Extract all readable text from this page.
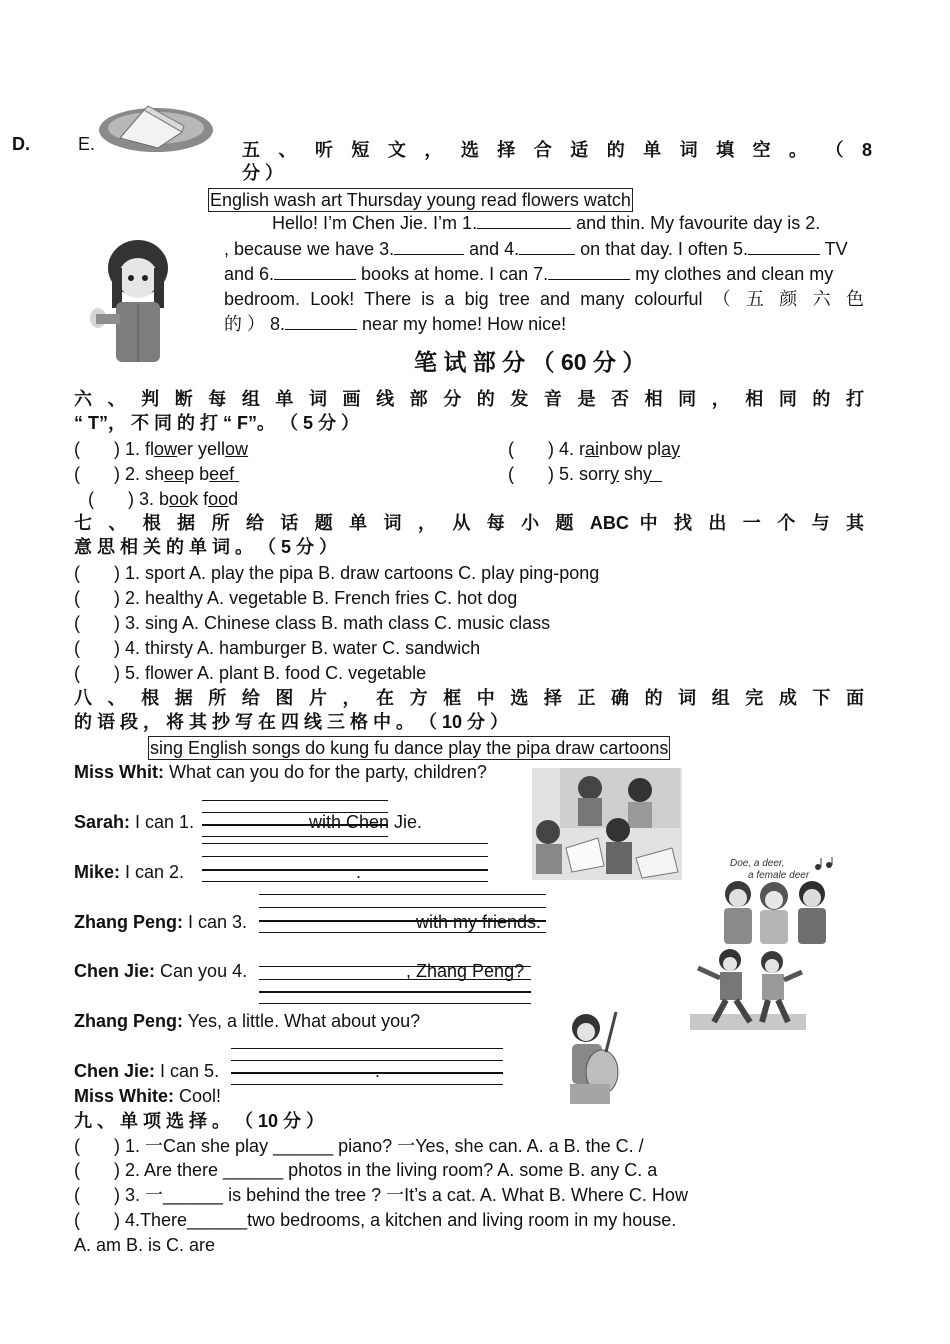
D.	E.	五 、 听 短 文 ， 选 择 合 适 的 单 词 填 空 。 （ 8
分 ）
English wash art Thursday young read flowers watch
Hello! I’m Chen Jie. I’m 1.	and thin. My favourite day is 2.
, because we have 3.	and 4.	on that day. I often 5.	TV
and 6.	books at home. I can 7.	my clothes and clean my
bedroom. Look! There is a big tree and many colourful （ 五 颜 六 色
的 ） 8.	near my home! How nice!
笔 试 部 分 （ 60 分 ）
六 、 判 断 每 组 单 词 画 线 部 分 的 发 音 是 否 相 同 ， 相 同 的 打
“ T”， 不 同 的 打 “ F”。 （ 5 分 ）
( ) 1. flower yellow
( ) 2. sheep beef
( ) 3. book food
( ) 4. rainbow play
( ) 5. sorry shy
七 、 根 据 所 给 话 题 单 词 ， 从 每 小 题 ABC 中 找 出 一 个 与 其
意 思 相 关 的 单 词 。 （ 5 分 ）
( ) 1. sport A. play the pipa B. draw cartoons C. play ping-pong
( ) 2. healthy A. vegetable B. French fries C. hot dog
( ) 3. sing A. Chinese class B. math class C. music class
( ) 4. thirsty A. hamburger B. water C. sandwich
( ) 5. flower A. plant B. food C. vegetable
八 、 根 据 所 给 图 片 ， 在 方 框 中 选 择 正 确 的 词 组 完 成 下 面
的 语 段 ， 将 其 抄 写 在 四 线 三 格 中 。 （ 10 分 ）
sing English songs do kung fu dance play the pipa draw cartoons
Miss Whit: What can you do for the party, children?
Sarah: I can 1.	with Chen Jie.
Mike: I can 2.	.
Zhang Peng: I can 3.	with my friends.
Chen Jie: Can you 4.	, Zhang Peng?
Zhang Peng: Yes, a little. What about you?
Chen Jie: I can 5.	.
Miss White: Cool!
Doe, a deer,
a female deer
九 、 单 项 选 择 。 （ 10 分 ）
( ) 1. 一Can she play ______ piano? 一Yes, she can. A. a B. the C. /
( ) 2. Are there ______ photos in the living room? A. some B. any C. a
( ) 3. 一______ is behind the tree ? 一It’s a cat. A. What B. Where C. How
( ) 4.There______two bedrooms, a kitchen and living room in my house.
A. am B. is C. are
